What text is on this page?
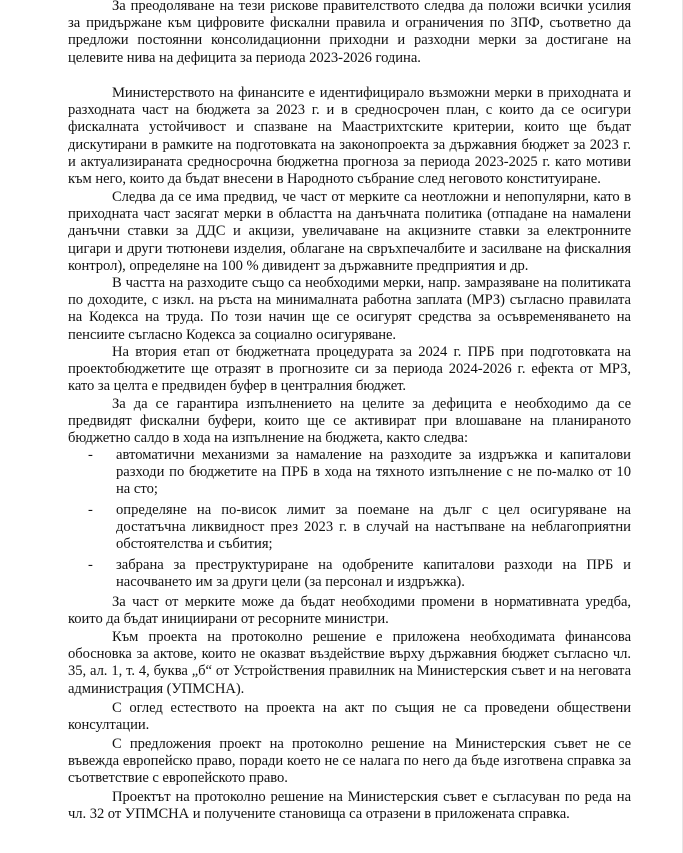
За преодоляване на тези рискове правителството следва да положи всички усилия за придържане към цифровите фискални правила и ограничения по ЗПФ, съответно да предложи постоянни консолидационни приходни и разходни мерки за достигане на целевите нива на дефицита за периода 2023-2026 година.

Министерството на финансите е идентифицирало възможни мерки в приходната и разходната част на бюджета за 2023 г. и в средносрочен план, с които да се осигури фискалната устойчивост и спазване на Маастрихтските критерии, които ще бъдат дискутирани в рамките на подготовката на законопроекта за държавния бюджет за 2023 г. и актуализираната средносрочна бюджетна прогноза за периода 2023-2025 г. като мотиви към него, които да бъдат внесени в Народното събрание след неговото конституиране.

Следва да се има предвид, че част от мерките са неотложни и непопулярни, като в приходната част засягат мерки в областта на данъчната политика (отпадане на намалени данъчни ставки за ДДС и акцизи, увеличаване на акцизните ставки за електронните цигари и други тютюневи изделия, облагане на свръхпечалбите и засилване на фискалния контрол), определяне на 100 % дивидент за държавните предприятия и др.

В частта на разходите също са необходими мерки, напр. замразяване на политиката по доходите, с изкл. на ръста на минималната работна заплата (МРЗ) съгласно правилата на Кодекса на труда. По този начин ще се осигурят средства за осъвременяването на пенсиите съгласно Кодекса за социално осигуряване.

На втория етап от бюджетната процедурата за 2024 г. ПРБ при подготовката на проектобюджетите ще отразят в прогнозите си за периода 2024-2026 г. ефекта от МРЗ, като за целта е предвиден буфер в централния бюджет.

За да се гарантира изпълнението на целите за дефицита е необходимо да се предвидят фискални буфери, които ще се активират при влошаване на планираното бюджетно салдо в хода на изпълнение на бюджета, както следва:

- автоматични механизми за намаление на разходите за издръжка и капиталови разходи по бюджетите на ПРБ в хода на тяхното изпълнение с не по-малко от 10 на сто;
- определяне на по-висок лимит за поемане на дълг с цел осигуряване на достатъчна ликвидност през 2023 г. в случай на настъпване на неблагоприятни обстоятелства и събития;
- забрана за преструктуриране на одобрените капиталови разходи на ПРБ и насочването им за други цели (за персонал и издръжка).

За част от мерките може да бъдат необходими промени в нормативната уредба, които да бъдат инициирани от ресорните министри.

Към проекта на протоколно решение е приложена необходимата финансова обосновка за актове, които не оказват въздействие върху държавния бюджет съгласно чл. 35, ал. 1, т. 4, буква „б“ от Устройствения правилник на Министерския съвет и на неговата администрация (УПМСНА).

С оглед естеството на проекта на акт по същия не са проведени обществени консултации.

С предложения проект на протоколно решение на Министерския съвет не се въвежда европейско право, поради което не се налага по него да бъде изготвена справка за съответствие с европейското право.

Проектът на протоколно решение на Министерския съвет е съгласуван по реда на чл. 32 от УПМСНА и получените становища са отразени в приложената справка.
